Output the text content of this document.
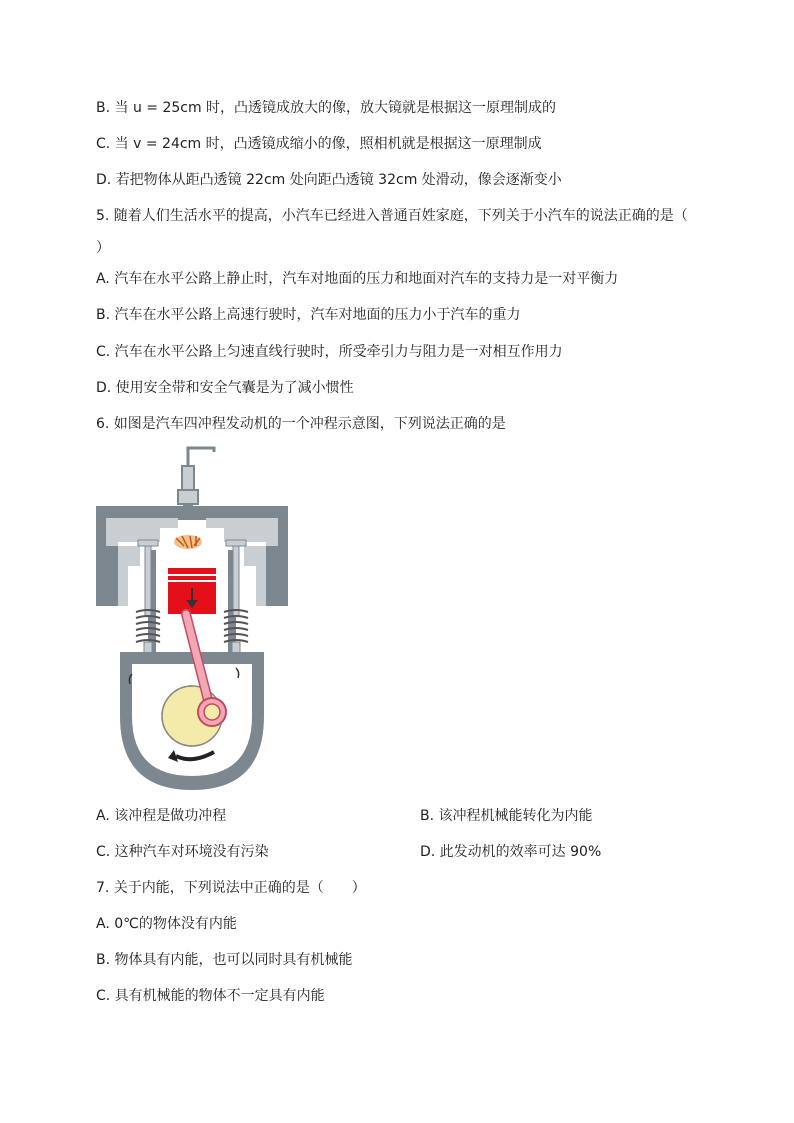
B. 当 u = 25cm 时，凸透镜成放大的像，放大镜就是根据这一原理制成的
C. 当 v = 24cm 时，凸透镜成缩小的像，照相机就是根据这一原理制成
D. 若把物体从距凸透镜 22cm 处向距凸透镜 32cm 处滑动，像会逐渐变小
5. 随着人们生活水平的提高，小汽车已经进入普通百姓家庭，下列关于小汽车的说法正确的是（
）
A. 汽车在水平公路上静止时，汽车对地面的压力和地面对汽车的支持力是一对平衡力
B. 汽车在水平公路上高速行驶时，汽车对地面的压力小于汽车的重力
C. 汽车在水平公路上匀速直线行驶时，所受牵引力与阻力是一对相互作用力
D. 使用安全带和安全气囊是为了减小惯性
6. 如图是汽车四冲程发动机的一个冲程示意图，下列说法正确的是
A. 该冲程是做功冲程	B. 该冲程机械能转化为内能
C. 这种汽车对环境没有污染	D. 此发动机的效率可达 90%
7. 关于内能，下列说法中正确的是（　　）
A. 0℃的物体没有内能
B. 物体具有内能，也可以同时具有机械能
C. 具有机械能的物体不一定具有内能
